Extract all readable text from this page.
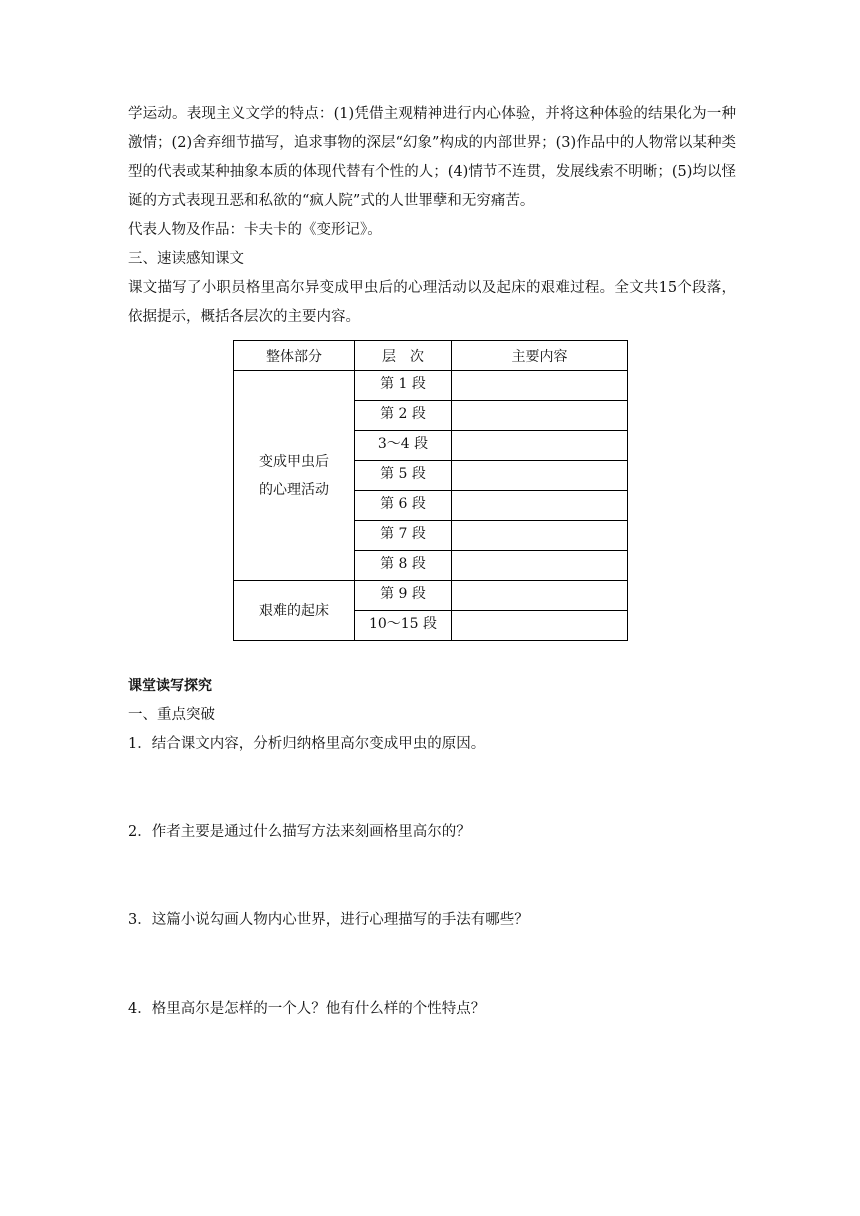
学运动。表现主义文学的特点：(1)凭借主观精神进行内心体验，并将这种体验的结果化为一种激情；(2)舍弃细节描写，追求事物的深层“幻象”构成的内部世界；(3)作品中的人物常以某种类型的代表或某种抽象本质的体现代替有个性的人；(4)情节不连贯，发展线索不明晰；(5)均以怪诞的方式表现丑恶和私欲的“疯人院”式的人世罪孽和无穷痛苦。

代表人物及作品：卡夫卡的《变形记》。

三、速读感知课文

课文描写了小职员格里高尔异变成甲虫后的心理活动以及起床的艰难过程。全文共15个段落，依据提示，概括各层次的主要内容。

整体部分	层　次	主要内容

变成甲虫后
的心理活动	第 1 段	
	第 2 段	
	3～4 段	
	第 5 段	
	第 6 段	
	第 7 段	
	第 8 段	
艰难的起床	第 9 段	
	10～15 段	

课堂读写探究

一、重点突破

1．结合课文内容，分析归纳格里高尔变成甲虫的原因。

2．作者主要是通过什么描写方法来刻画格里高尔的？

3．这篇小说勾画人物内心世界，进行心理描写的手法有哪些？

4．格里高尔是怎样的一个人？他有什么样的个性特点？
